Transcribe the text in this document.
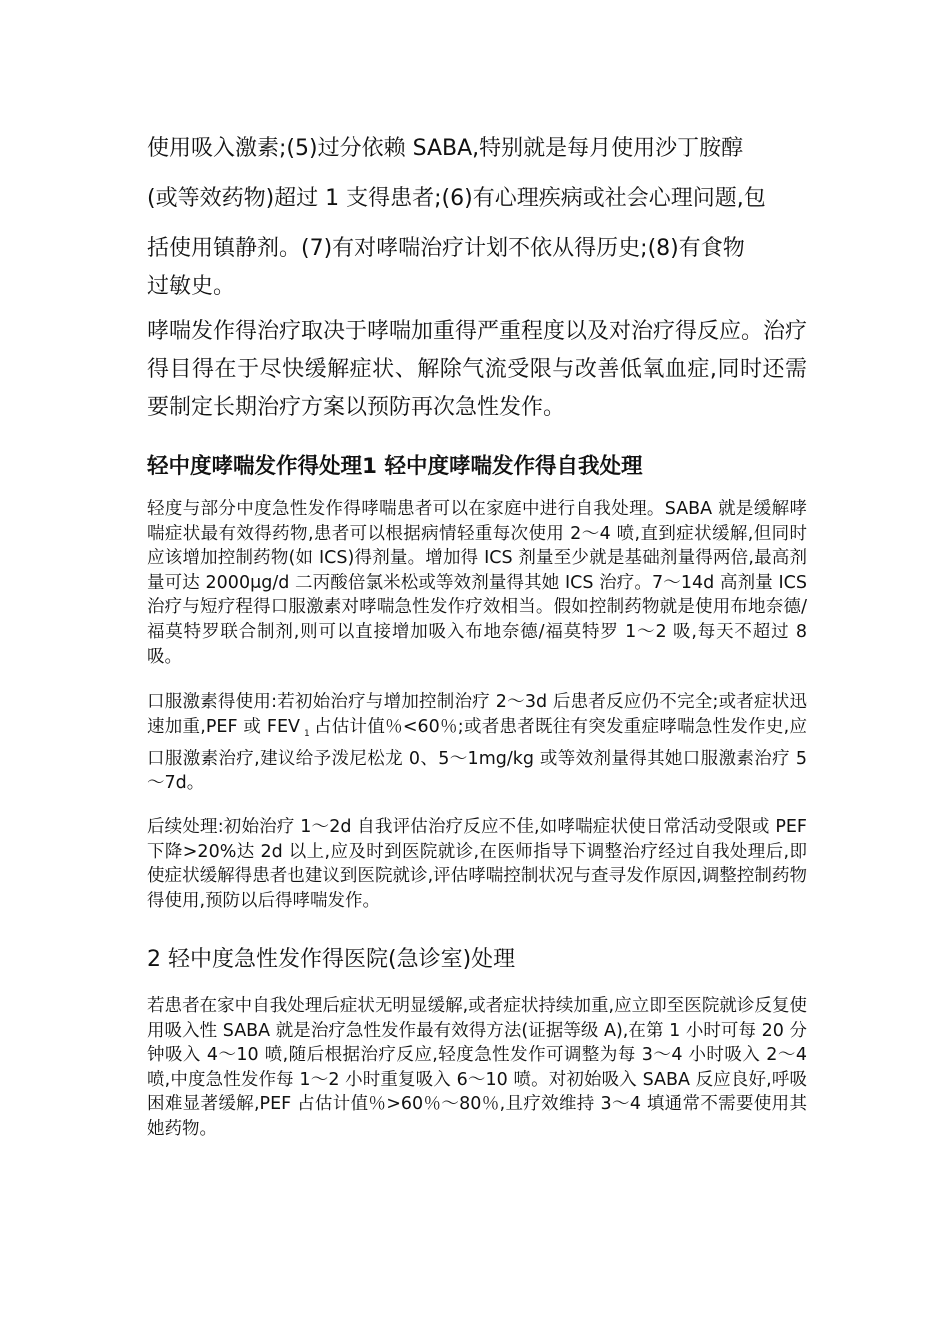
使用吸入激素;(5)过分依赖 SABA,特别就是每月使用沙丁胺醇

(或等效药物)超过 1 支得患者;(6)有心理疾病或社会心理问题,包

括使用镇静剂。(7)有对哮喘治疗计划不依从得历史;(8)有食物

过敏史。

哮喘发作得治疗取决于哮喘加重得严重程度以及对治疗得反应。治疗得目得在于尽快缓解症状、解除气流受限与改善低氧血症,同时还需要制定长期治疗方案以预防再次急性发作。

轻中度哮喘发作得处理1 轻中度哮喘发作得自我处理

轻度与部分中度急性发作得哮喘患者可以在家庭中进行自我处理。SABA 就是缓解哮喘症状最有效得药物,患者可以根据病情轻重每次使用 2～4 喷,直到症状缓解,但同时应该增加控制药物(如 ICS)得剂量。增加得 ICS 剂量至少就是基础剂量得两倍,最高剂量可达 2000μg/d 二丙酸倍氯米松或等效剂量得其她 ICS 治疗。7～14d 高剂量 ICS 治疗与短疗程得口服激素对哮喘急性发作疗效相当。假如控制药物就是使用布地奈德/福莫特罗联合制剂,则可以直接增加吸入布地奈德/福莫特罗 1～2 吸,每天不超过 8 吸。

口服激素得使用:若初始治疗与增加控制治疗 2～3d 后患者反应仍不完全;或者症状迅速加重,PEF 或 FEV $_1$ 占估计值％<60％;或者患者既往有突发重症哮喘急性发作史,应口服激素治疗,建议给予泼尼松龙 0、5～1mg/kg 或等效剂量得其她口服激素治疗 5～7d。

后续处理:初始治疗 1～2d 自我评估治疗反应不佳,如哮喘症状使日常活动受限或 PEF 下降>20%达 2d 以上,应及时到医院就诊,在医师指导下调整治疗经过自我处理后,即使症状缓解得患者也建议到医院就诊,评估哮喘控制状况与查寻发作原因,调整控制药物得使用,预防以后得哮喘发作。

2 轻中度急性发作得医院(急诊室)处理

若患者在家中自我处理后症状无明显缓解,或者症状持续加重,应立即至医院就诊反复使用吸入性 SABA 就是治疗急性发作最有效得方法(证据等级 A),在第 1 小时可每 20 分钟吸入 4～10 喷,随后根据治疗反应,轻度急性发作可调整为每 3～4 小时吸入 2～4 喷,中度急性发作每 1～2 小时重复吸入 6～10 喷。对初始吸入 SABA 反应良好,呼吸困难显著缓解,PEF 占估计值％>60％～80％,且疗效维持 3～4 填通常不需要使用其她药物。
